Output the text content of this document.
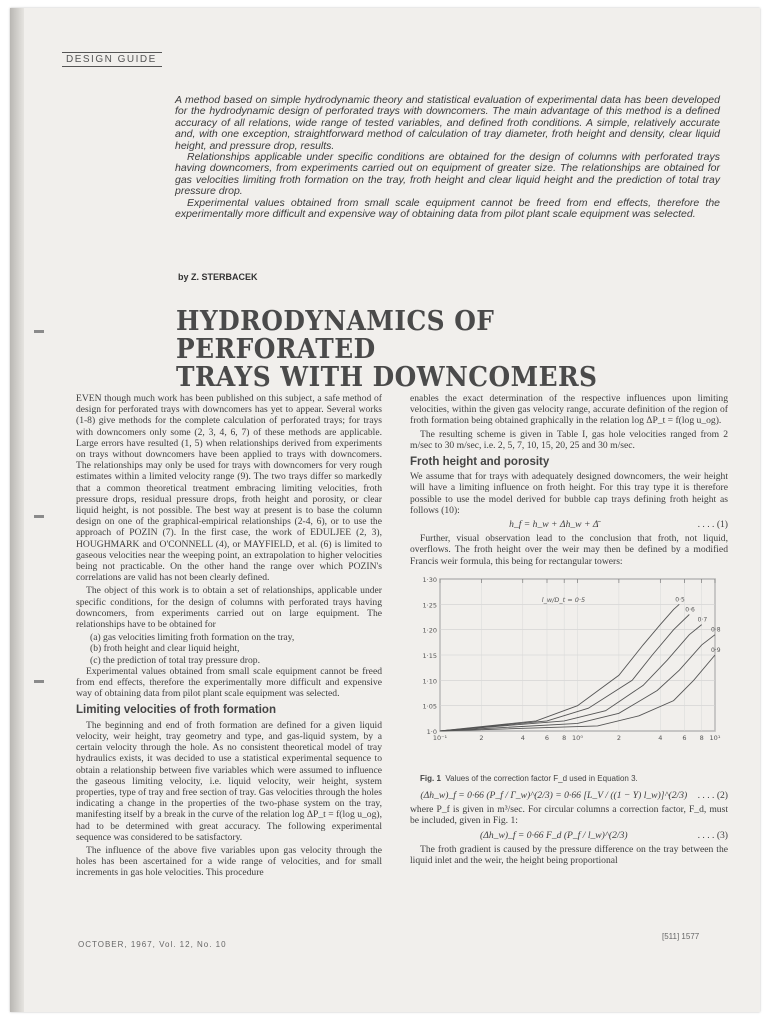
DESIGN GUIDE

A method based on simple hydrodynamic theory and statistical evaluation of experimental data has been developed for the hydrodynamic design of perforated trays with downcomers. The main advantage of this method is a defined accuracy of all relations, wide range of tested variables, and defined froth conditions. A simple, relatively accurate and, with one exception, straightforward method of calculation of tray diameter, froth height and density, clear liquid height, and pressure drop, results.

Relationships applicable under specific conditions are obtained for the design of columns with perforated trays having downcomers, from experiments carried out on equipment of greater size. The relationships are obtained for gas velocities limiting froth formation on the tray, froth height and clear liquid height and the prediction of total tray pressure drop.

Experimental values obtained from small scale equipment cannot be freed from end effects, therefore the experimentally more difficult and expensive way of obtaining data from pilot plant scale equipment was selected.

by Z. STERBACEK
HYDRODYNAMICS OF PERFORATED
TRAYS WITH DOWNCOMERS

EVEN though much work has been published on this subject, a safe method of design for perforated trays with downcomers has yet to appear. Several works (1-8) give methods for the complete calculation of perforated trays; for trays with downcomers only some (2, 3, 4, 6, 7) of these methods are applicable. Large errors have resulted (1, 5) when relationships derived from experiments on trays without downcomers have been applied to trays with downcomers. The relationships may only be used for trays with downcomers for very rough estimates within a limited velocity range (9). The two trays differ so markedly that a common theoretical treatment embracing limiting velocities, froth pressure drops, residual pressure drops, froth height and porosity, or clear liquid height, is not possible. The best way at present is to base the column design on one of the graphical-empirical relationships (2-4, 6), or to use the approach of POZIN (7). In the first case, the work of EDULJEE (2, 3), HOUGHMARK and O'CONNELL (4), or MAYFIELD, et al. (6) is limited to gaseous velocities near the weeping point, an extrapolation to higher velocities being not practicable. On the other hand the range over which POZIN's correlations are valid has not been clearly defined.

The object of this work is to obtain a set of relationships, applicable under specific conditions, for the design of columns with perforated trays having downcomers, from experiments carried out on large equipment. The relationships have to be obtained for

(a) gas velocities limiting froth formation on the tray,
(b) froth height and clear liquid height,
(c) the prediction of total tray pressure drop.

Experimental values obtained from small scale equipment cannot be freed from end effects, therefore the experimentally more difficult and expensive way of obtaining data from pilot plant scale equipment was selected.

Limiting velocities of froth formation

The beginning and end of froth formation are defined for a given liquid velocity, weir height, tray geometry and type, and gas-liquid system, by a certain velocity through the hole. As no consistent theoretical model of tray hydraulics exists, it was decided to use a statistical experimental sequence to obtain a relationship between five variables which were assumed to influence the gaseous limiting velocity, i.e. liquid velocity, weir height, system properties, type of tray and free section of tray. Gas velocities through the holes indicating a change in the properties of the two-phase system on the tray, manifesting itself by a break in the curve of the relation log ΔP_t = f(log u_og), had to be determined with great accuracy. The following experimental sequence was considered to be satisfactory.

The influence of the above five variables upon gas velocity through the holes has been ascertained for a wide range of velocities, and for small increments in gas hole velocities. This procedure

enables the exact determination of the respective influences upon limiting velocities, within the given gas velocity range, accurate definition of the region of froth formation being obtained graphically in the relation log ΔP_t = f(log u_og).

The resulting scheme is given in Table I, gas hole velocities ranged from 2 m/sec to 30 m/sec, i.e. 2, 5, 7, 10, 15, 20, 25 and 30 m/sec.

Froth height and porosity

We assume that for trays with adequately designed downcomers, the weir height will have a limiting influence on froth height. For this tray type it is therefore possible to use the model derived for bubble cap trays defining froth height as follows (10):

h_f = h_w + Δh_w + Δ̄	. . . . (1)

Further, visual observation lead to the conclusion that froth, not liquid, overflows. The froth height over the weir may then be defined by a modified Francis weir formula, this being for rectangular towers:

1·30
1·25
1·20
1·15
1·10
1·05
1·0
10⁻¹	2	4	6 8 10⁰	2	4	6 8 10¹
0·5
0·6
0·7
0·8
0·9
l_w/D_t = 0·5
Fig. 1 Values of the correction factor F_d used in Equation 3.
(Δh_w)_f = 0·66 (P_f / Γ_w)^(2/3) = 0·66 [L_V / ((1 − Y) l_w)]^(2/3) . . . . (2)

where P_f is given in m³/sec. For circular columns a correction factor, F_d, must be included, given in Fig. 1:

(Δh_w)_f = 0·66 F_d (P_f / l_w)^(2/3)	. . . . (3)

The froth gradient is caused by the pressure difference on the tray between the liquid inlet and the weir, the height being proportional

OCTOBER, 1967, Vol. 12, No. 10
[511] 1577
